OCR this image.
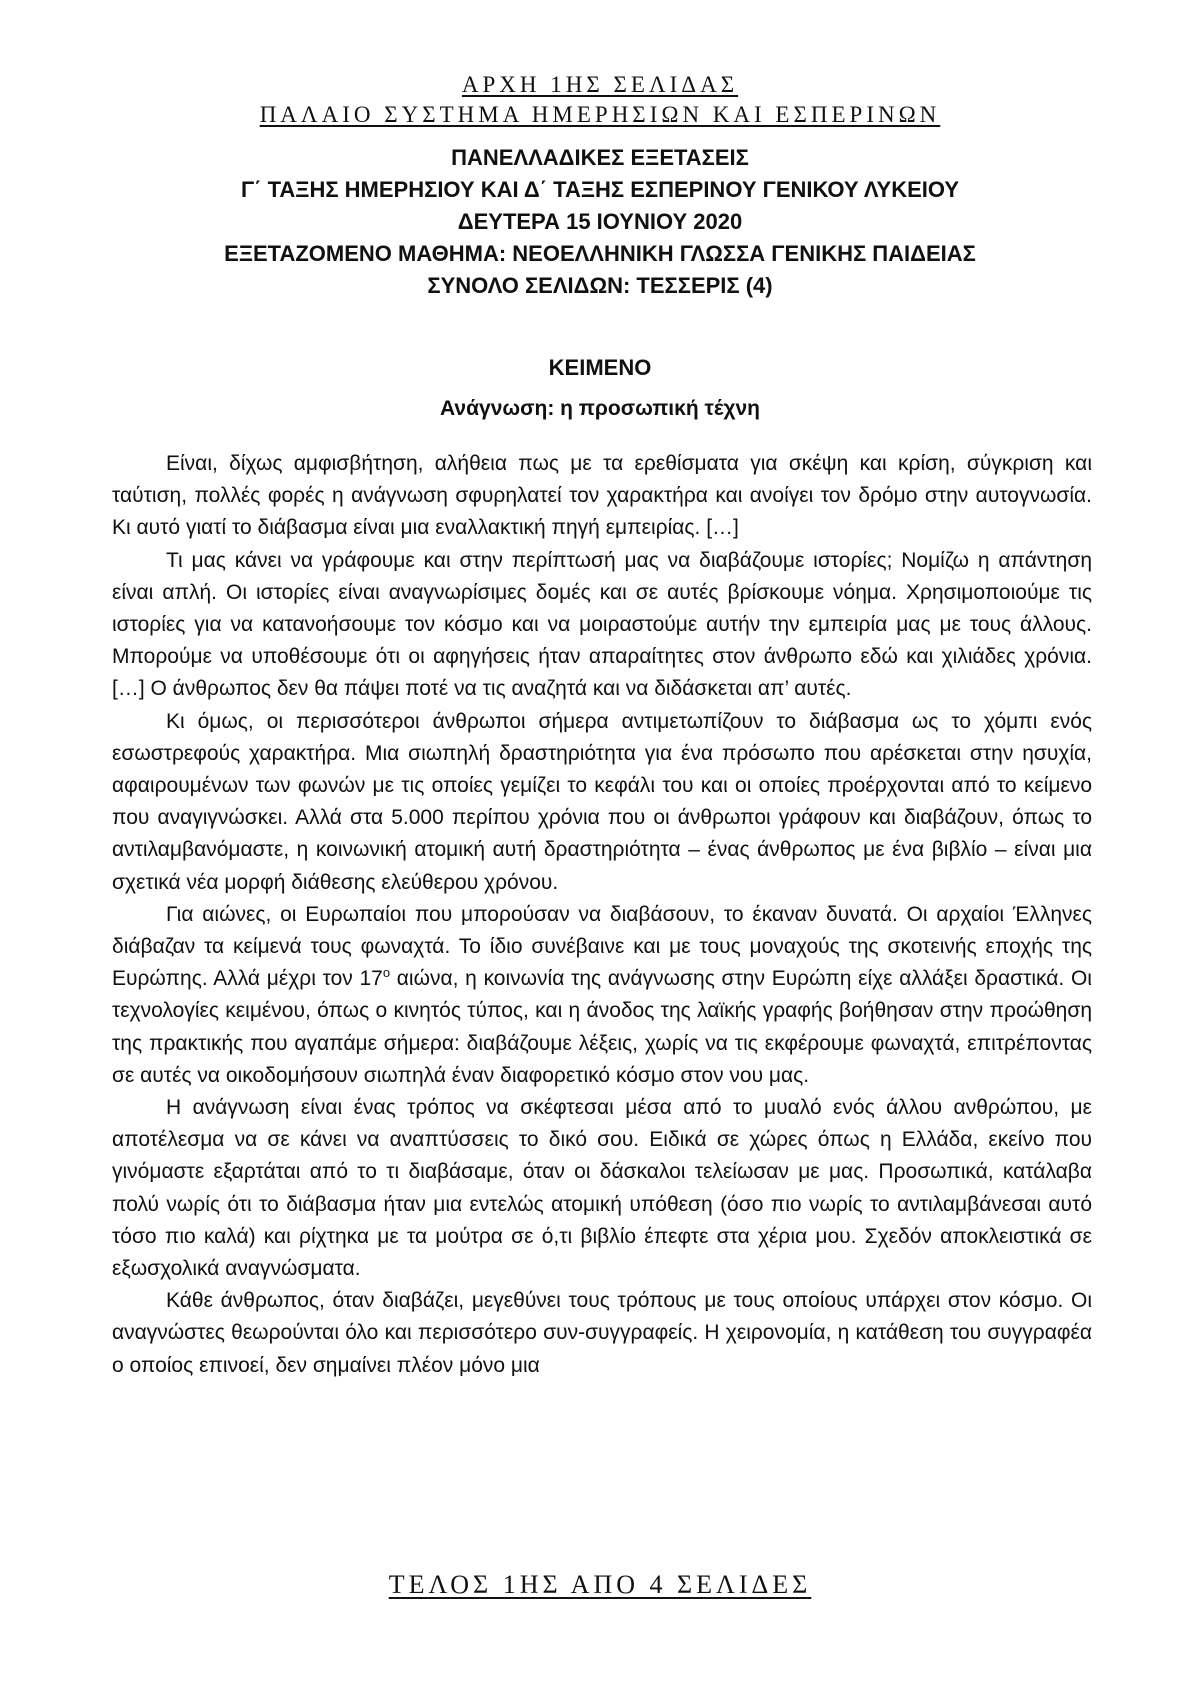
ΑΡΧΗ 1ΗΣ ΣΕΛΙΔΑΣ
ΠΑΛΑΙΟ ΣΥΣΤΗΜΑ ΗΜΕΡΗΣΙΩΝ ΚΑΙ ΕΣΠΕΡΙΝΩΝ
ΠΑΝΕΛΛΑΔΙΚΕΣ ΕΞΕΤΑΣΕΙΣ
Γ΄ ΤΑΞΗΣ ΗΜΕΡΗΣΙΟΥ ΚΑΙ Δ΄ ΤΑΞΗΣ ΕΣΠΕΡΙΝΟΥ ΓΕΝΙΚΟΥ ΛΥΚΕΙΟΥ
ΔΕΥΤΕΡΑ 15 ΙΟΥΝΙΟΥ 2020
ΕΞΕΤΑΖΟΜΕΝΟ ΜΑΘΗΜΑ: ΝΕΟΕΛΛΗΝΙΚΗ ΓΛΩΣΣΑ ΓΕΝΙΚΗΣ ΠΑΙΔΕΙΑΣ
ΣΥΝΟΛΟ ΣΕΛΙΔΩΝ: ΤΕΣΣΕΡΙΣ (4)
ΚΕΙΜΕΝΟ
Ανάγνωση: η προσωπική τέχνη

Είναι, δίχως αμφισβήτηση, αλήθεια πως με τα ερεθίσματα για σκέψη και κρίση, σύγκριση και ταύτιση, πολλές φορές η ανάγνωση σφυρηλατεί τον χαρακτήρα και ανοίγει τον δρόμο στην αυτογνωσία. Κι αυτό γιατί το διάβασμα είναι μια εναλλακτική πηγή εμπειρίας. […]

Τι μας κάνει να γράφουμε και στην περίπτωσή μας να διαβάζουμε ιστορίες; Νομίζω η απάντηση είναι απλή. Οι ιστορίες είναι αναγνωρίσιμες δομές και σε αυτές βρίσκουμε νόημα. Χρησιμοποιούμε τις ιστορίες για να κατανοήσουμε τον κόσμο και να μοιραστούμε αυτήν την εμπειρία μας με τους άλλους. Μπορούμε να υποθέσουμε ότι οι αφηγήσεις ήταν απαραίτητες στον άνθρωπο εδώ και χιλιάδες χρόνια. […] Ο άνθρωπος δεν θα πάψει ποτέ να τις αναζητά και να διδάσκεται απ’ αυτές.

Κι όμως, οι περισσότεροι άνθρωποι σήμερα αντιμετωπίζουν το διάβασμα ως το χόμπι ενός εσωστρεφούς χαρακτήρα. Μια σιωπηλή δραστηριότητα για ένα πρόσωπο που αρέσκεται στην ησυχία, αφαιρουμένων των φωνών με τις οποίες γεμίζει το κεφάλι του και οι οποίες προέρχονται από το κείμενο που αναγιγνώσκει. Αλλά στα 5.000 περίπου χρόνια που οι άνθρωποι γράφουν και διαβάζουν, όπως το αντιλαμβανόμαστε, η κοινωνική ατομική αυτή δραστηριότητα – ένας άνθρωπος με ένα βιβλίο – είναι μια σχετικά νέα μορφή διάθεσης ελεύθερου χρόνου.

Για αιώνες, οι Ευρωπαίοι που μπορούσαν να διαβάσουν, το έκαναν δυνατά. Οι αρχαίοι Έλληνες διάβαζαν τα κείμενά τους φωναχτά. Το ίδιο συνέβαινε και με τους μοναχούς της σκοτεινής εποχής της Ευρώπης. Αλλά μέχρι τον $17^o$ αιώνα, η κοινωνία της ανάγνωσης στην Ευρώπη είχε αλλάξει δραστικά. Οι τεχνολογίες κειμένου, όπως ο κινητός τύπος, και η άνοδος της λαϊκής γραφής βοήθησαν στην προώθηση της πρακτικής που αγαπάμε σήμερα: διαβάζουμε λέξεις, χωρίς να τις εκφέρουμε φωναχτά, επιτρέποντας σε αυτές να οικοδομήσουν σιωπηλά έναν διαφορετικό κόσμο στον νου μας.

Η ανάγνωση είναι ένας τρόπος να σκέφτεσαι μέσα από το μυαλό ενός άλλου ανθρώπου, με αποτέλεσμα να σε κάνει να αναπτύσσεις το δικό σου. Ειδικά σε χώρες όπως η Ελλάδα, εκείνο που γινόμαστε εξαρτάται από το τι διαβάσαμε, όταν οι δάσκαλοι τελείωσαν με μας. Προσωπικά, κατάλαβα πολύ νωρίς ότι το διάβασμα ήταν μια εντελώς ατομική υπόθεση (όσο πιο νωρίς το αντιλαμβάνεσαι αυτό τόσο πιο καλά) και ρίχτηκα με τα μούτρα σε ό,τι βιβλίο έπεφτε στα χέρια μου. Σχεδόν αποκλειστικά σε εξωσχολικά αναγνώσματα.

Κάθε άνθρωπος, όταν διαβάζει, μεγεθύνει τους τρόπους με τους οποίους υπάρχει στον κόσμο. Οι αναγνώστες θεωρούνται όλο και περισσότερο συν-συγγραφείς. Η χειρονομία, η κατάθεση του συγγραφέα ο οποίος επινοεί, δεν σημαίνει πλέον μόνο μια

ΤΕΛΟΣ 1ΗΣ ΑΠΟ 4 ΣΕΛΙΔΕΣ
